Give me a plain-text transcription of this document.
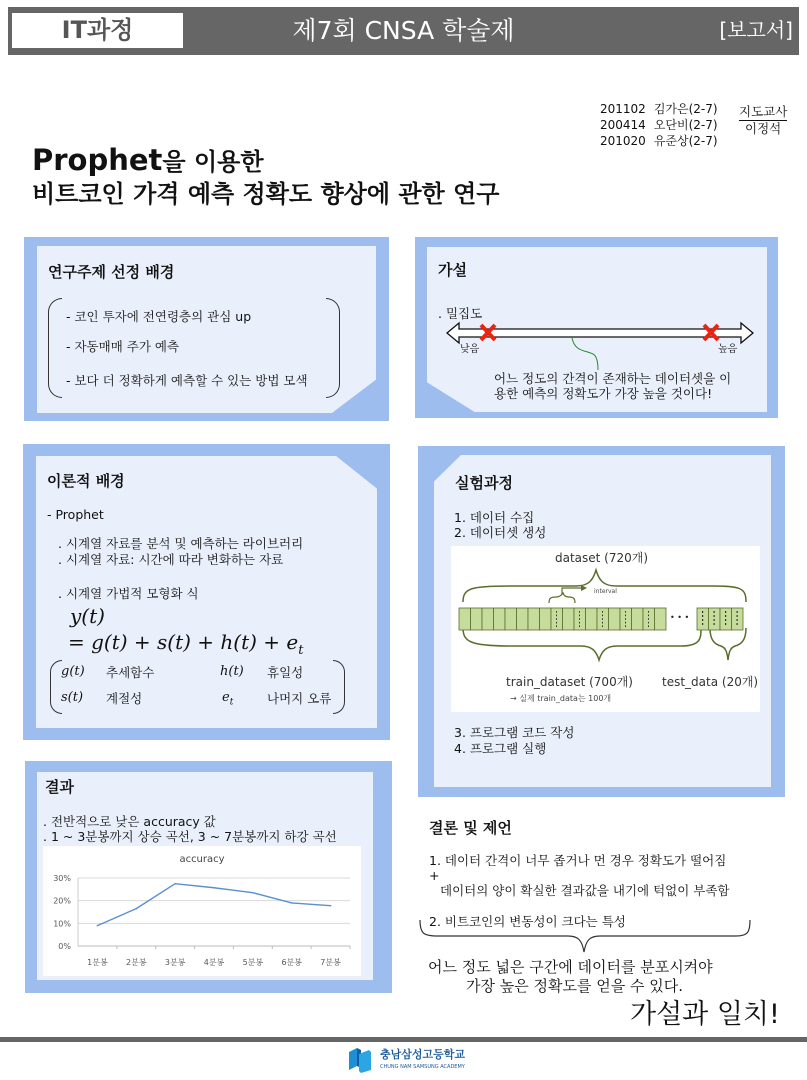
IT과정	제7회 CNSA 학술제	[보고서]
201102 김가은(2-7)
200414 오단비(2-7)
201020 유준상(2-7)
지도교사
이정석
Prophet을 이용한
비트코인 가격 예측 정확도 향상에 관한 연구
연구주제 선정 배경
- 코인 투자에 전연령층의 관심 up
- 자동매매 주가 예측
- 보다 더 정확하게 예측할 수 있는 방법 모색
가설
. 밀집도
낮음	높음
어느 정도의 간격이 존재하는 데이터셋을 이
용한 예측의 정확도가 가장 높을 것이다!
이론적 배경
- Prophet
. 시계열 자료를 분석 및 예측하는 라이브러리
. 시계열 자료: 시간에 따라 변화하는 자료
. 시계열 가법적 모형화 식
y(t)
= $g(t) + s(t) + h(t) + e_t$
g(t) 추세함수	h(t) 휴일성
s(t) 계절성	$e_t$	나머지 오류
실험과정
1. 데이터 수집
2. 데이터셋 생성
dataset (720개)
interval
• • •
train_dataset (700개) test_data (20개)
→ 실제 train_data는 100개
3. 프로그램 코드 작성
4. 프로그램 실행
결과
. 전반적으로 낮은 accuracy 값
. 1 ~ 3분봉까지 상승 곡선, 3 ~ 7분봉까지 하강 곡선
0%
10%
20%
30%
1분봉 2분봉 3분봉 4분봉 5분봉 6분봉 7분봉
accuracy
결론 및 제언
1. 데이터 간격이 너무 좁거나 먼 경우 정확도가 떨어짐
+
데이터의 양이 확실한 결과값을 내기에 턱없이 부족함
2. 비트코인의 변동성이 크다는 특성
어느 정도 넓은 구간에 데이터를 분포시켜야
가장 높은 정확도를 얻을 수 있다.
가설과 일치!
충남삼성고등학교
CHUNG NAM SAMSUNG ACADEMY
